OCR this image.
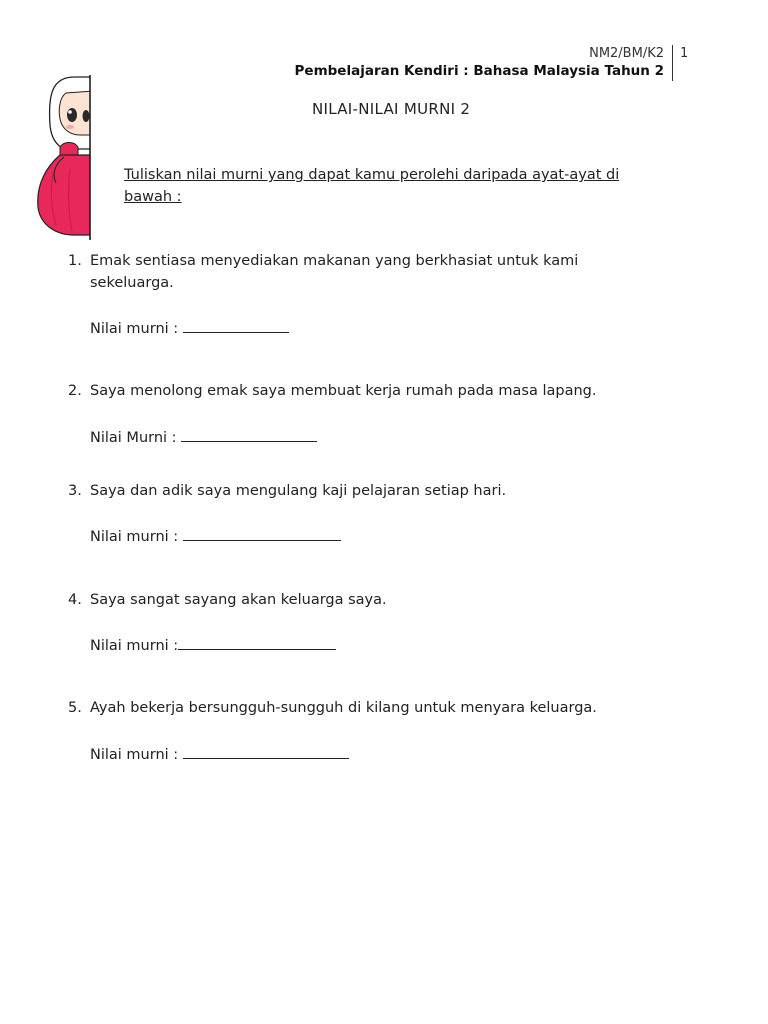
NM2/BM/K2
Pembelajaran Kendiri : Bahasa Malaysia Tahun 2
1
NILAI-NILAI MURNI 2
Tuliskan nilai murni yang dapat kamu perolehi daripada ayat-ayat di bawah :
1. Emak sentiasa menyediakan makanan yang berkhasiat untuk kami sekeluarga.
Nilai murni :
2. Saya menolong emak saya membuat kerja rumah pada masa lapang.
Nilai Murni :
3. Saya dan adik saya mengulang kaji pelajaran setiap hari.
Nilai murni :
4. Saya sangat sayang akan keluarga saya.
Nilai murni :
5. Ayah bekerja bersungguh-sungguh di kilang untuk menyara keluarga.
Nilai murni :
